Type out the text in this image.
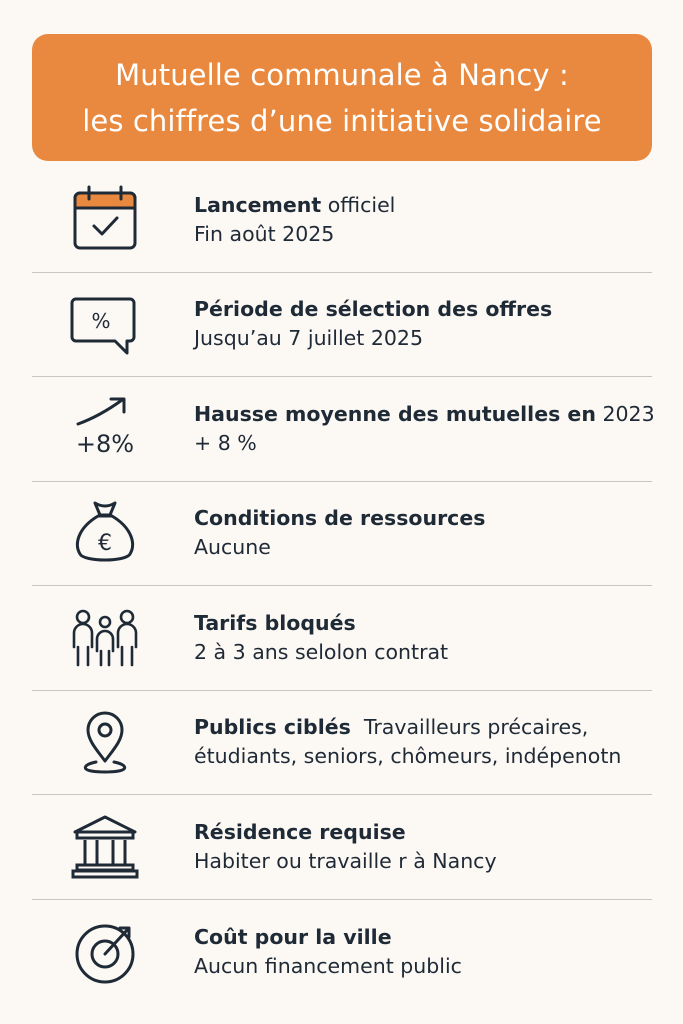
Mutuelle communale à Nancy :
les chiffres d’une initiative solidaire
Lancement officiel
Fin août 2025
%	Période de sélection des offres
Jusqu’au 7 juillet 2025
+8%
Hausse moyenne des mutuelles en 2023
+ 8 %
€
Conditions de ressources
Aucune
Tarifs bloqués
2 à 3 ans selolon contrat
Publics ciblés  Travailleurs précaires,
étudiants, seniors, chômeurs, indépenotn
Résidence requise
Habiter ou travaille r à Nancy
Coût pour la ville
Aucun financement public
